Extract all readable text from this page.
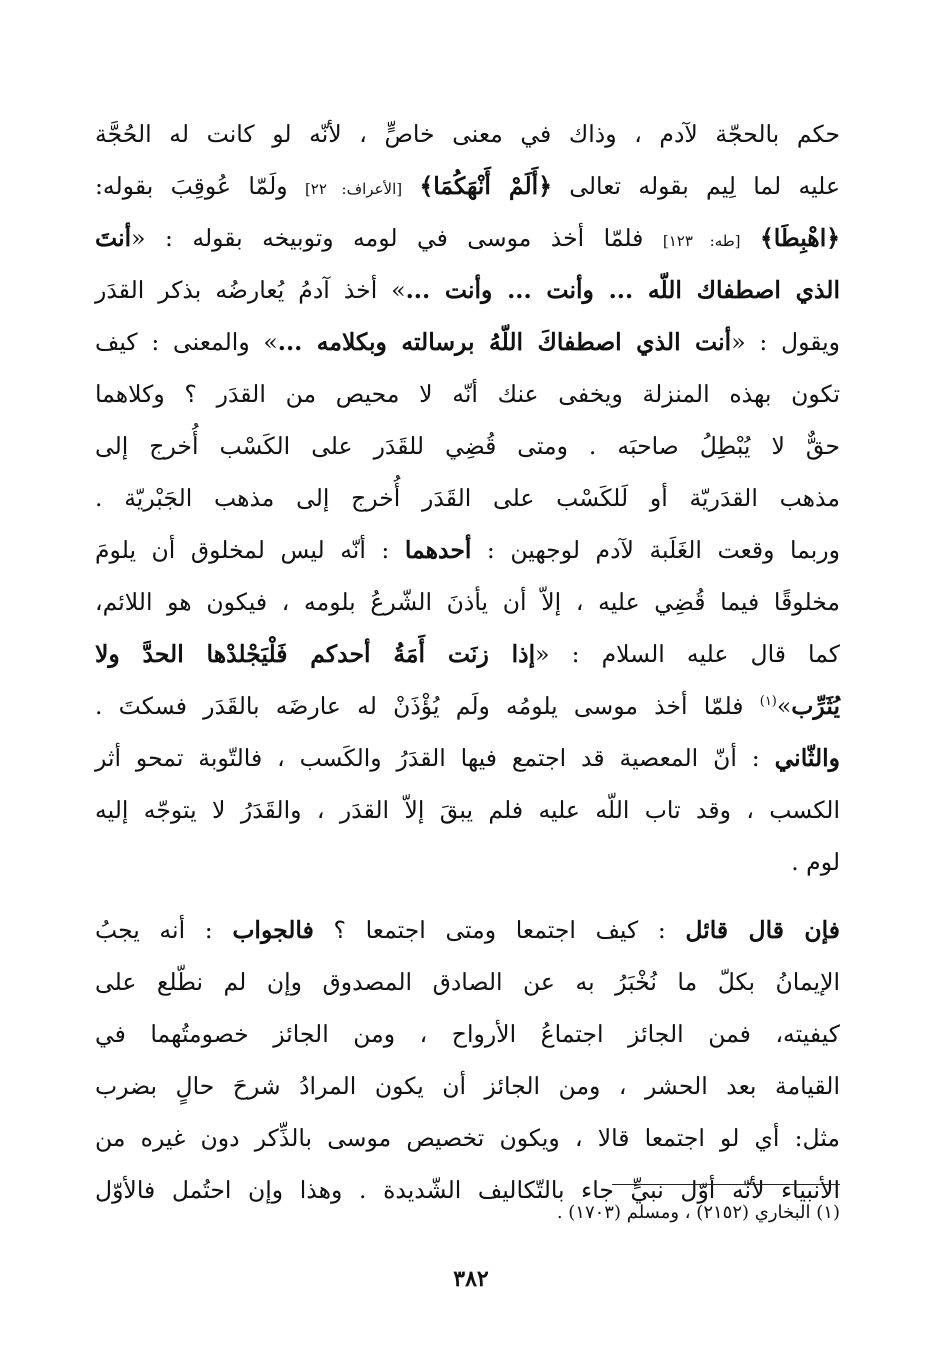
حكم بالحجّة لآدم ، وذاك في معنى خاصٍّ ، لأنّه لو كانت له الحُجَّة
عليه لما لِيم بقوله تعالى ﴿أَلَمْ أَنْهَكُمَا﴾ [الأعراف: ٢٢] ولَمّا عُوقِبَ بقوله:
﴿اهْبِطَا﴾ [طه: ١٢٣] فلمّا أخذ موسى في لومه وتوبيخه بقوله : «أنتَ
الذي اصطفاك اللّه ... وأنت ... وأنت ...» أخذ آدمُ يُعارضُه بذكر القدَر
ويقول : «أنت الذي اصطفاكَ اللّهُ برسالته وبكلامه ...» والمعنى : كيف
تكون بهذه المنزلة ويخفى عنك أنّه لا محيص من القدَر ؟ وكلاهما
حقٌّ لا يُبْطِلُ صاحبَه . ومتى قُضِي للقَدَر على الكَسْب أُخرج إلى
مذهب القدَريّة أو لَلكَسْب على القَدَر أُخرج إلى مذهب الجَبْريّة .
وربما وقعت الغَلَبة لآدم لوجهين : أحدهما : أنّه ليس لمخلوق أن يلومَ
مخلوقًا فيما قُضِي عليه ، إلاّ أن يأذنَ الشّرعُ بلومه ، فيكون هو اللائم،
كما قال عليه السلام : «إذا زنَت أَمَةُ أحدكم فَلْيَجْلدْها الحدَّ ولا
يُثَرِّب»$^{(١)}$ فلمّا أخذ موسى يلومُه ولَم يُؤْذَنْ له عارضَه بالقَدَر فسكتَ .
والثّاني : أنّ المعصية قد اجتمع فيها القدَرُ والكَسب ، فالتّوبة تمحو أثر
الكسب ، وقد تاب اللّه عليه فلم يبقَ إلاّ القدَر ، والقَدَرُ لا يتوجّه إليه
لوم .
فإن قال قائل : كيف اجتمعا ومتى اجتمعا ؟ فالجواب : أنه يجبُ
الإيمانُ بكلّ ما نُخْبَرُ به عن الصادق المصدوق وإن لم نطّلع على
كيفيته، فمن الجائز اجتماعُ الأرواح ، ومن الجائز خصومتُهما في
القيامة بعد الحشر ، ومن الجائز أن يكون المرادُ شرحَ حالٍ بضرب
مثل: أي لو اجتمعا قالا ، ويكون تخصيص موسى بالذِّكر دون غيره من
الأنبياء لأنّه أوّل نبيٍّ جاء بالتّكاليف الشّديدة . وهذا وإن احتُمل فالأوّل
(١) البخاري (٢١٥٢) ، ومسلم (١٧٠٣) .
٣٨٢
